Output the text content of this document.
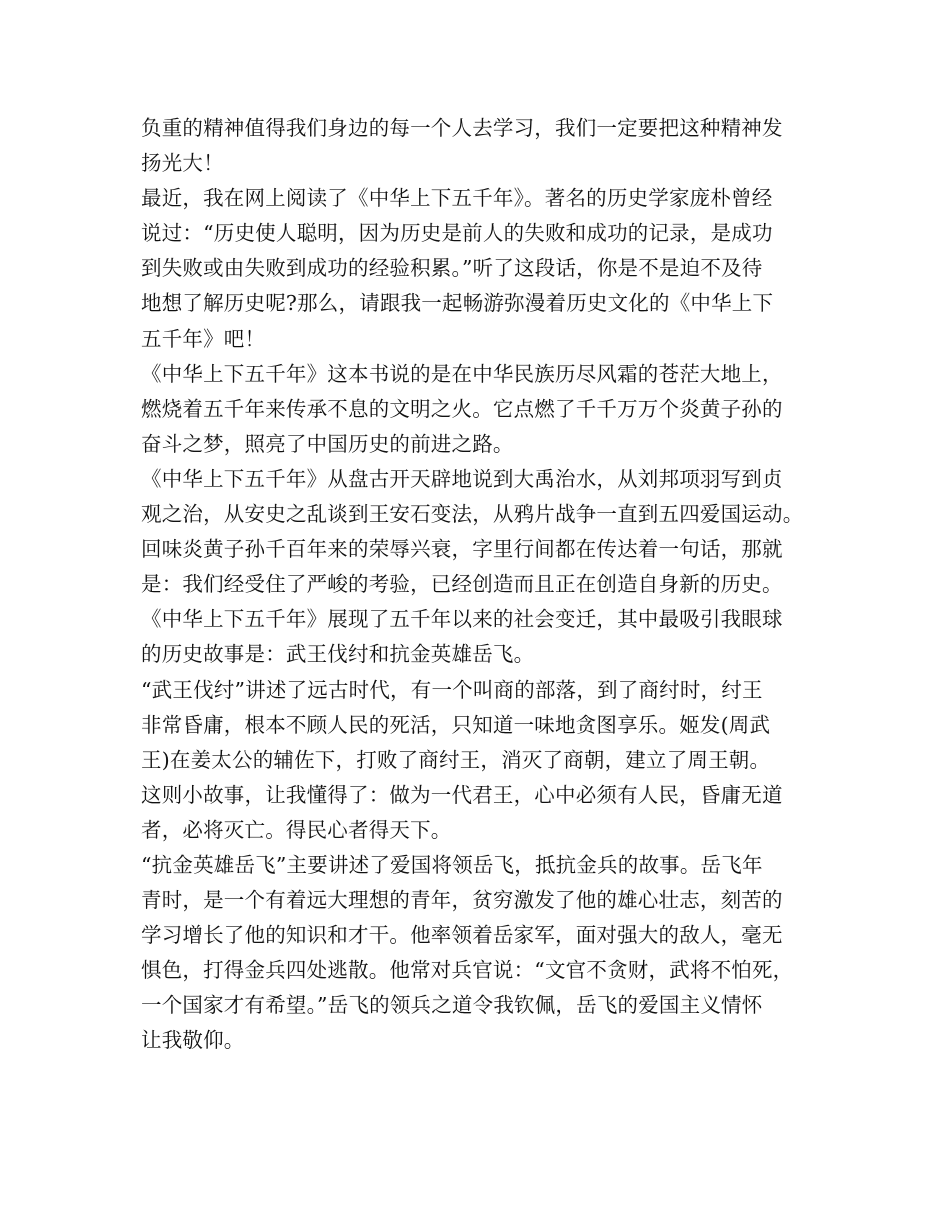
负重的精神值得我们身边的每一个人去学习，我们一定要把这种精神发
扬光大！
最近，我在网上阅读了《中华上下五千年》。著名的历史学家庞朴曾经
说过：“历史使人聪明，因为历史是前人的失败和成功的记录，是成功
到失败或由失败到成功的经验积累。”听了这段话，你是不是迫不及待
地想了解历史呢?那么，请跟我一起畅游弥漫着历史文化的《中华上下
五千年》吧！
《中华上下五千年》这本书说的是在中华民族历尽风霜的苍茫大地上，
燃烧着五千年来传承不息的文明之火。它点燃了千千万万个炎黄子孙的
奋斗之梦，照亮了中国历史的前进之路。
《中华上下五千年》从盘古开天辟地说到大禹治水，从刘邦项羽写到贞
观之治，从安史之乱谈到王安石变法，从鸦片战争一直到五四爱国运动。
回味炎黄子孙千百年来的荣辱兴衰，字里行间都在传达着一句话，那就
是：我们经受住了严峻的考验，已经创造而且正在创造自身新的历史。
《中华上下五千年》展现了五千年以来的社会变迁，其中最吸引我眼球
的历史故事是：武王伐纣和抗金英雄岳飞。
“武王伐纣”讲述了远古时代，有一个叫商的部落，到了商纣时，纣王
非常昏庸，根本不顾人民的死活，只知道一味地贪图享乐。姬发(周武
王)在姜太公的辅佐下，打败了商纣王，消灭了商朝，建立了周王朝。
这则小故事，让我懂得了：做为一代君王，心中必须有人民，昏庸无道
者，必将灭亡。得民心者得天下。
“抗金英雄岳飞”主要讲述了爱国将领岳飞，抵抗金兵的故事。岳飞年
青时，是一个有着远大理想的青年，贫穷激发了他的雄心壮志，刻苦的
学习增长了他的知识和才干。他率领着岳家军，面对强大的敌人，毫无
惧色，打得金兵四处逃散。他常对兵官说：“文官不贪财，武将不怕死，
一个国家才有希望。”岳飞的领兵之道令我钦佩，岳飞的爱国主义情怀
让我敬仰。
